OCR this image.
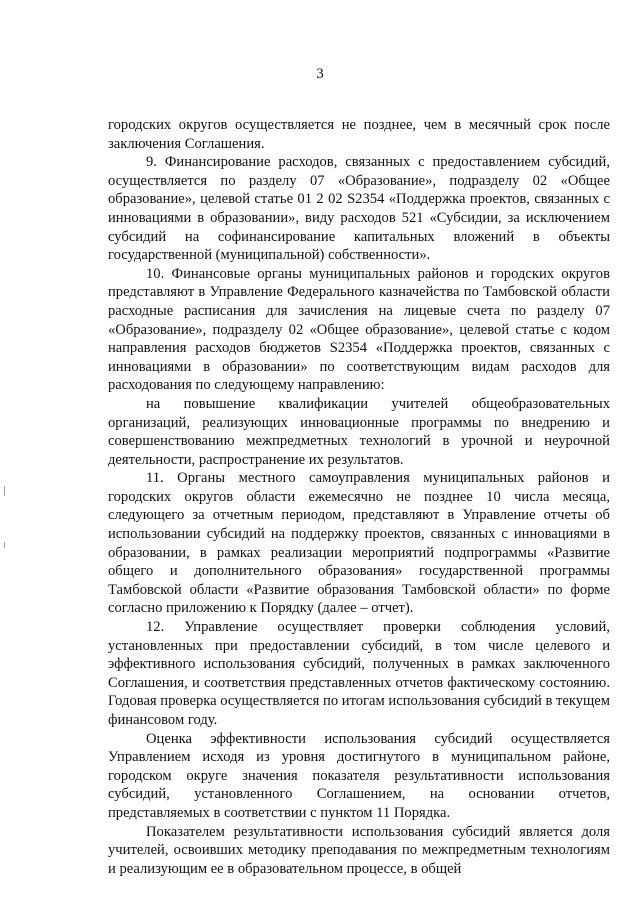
3

городских округов осуществляется не позднее, чем в месячный срок после заключения Соглашения.

9. Финансирование расходов, связанных с предоставлением субсидий, осуществляется по разделу 07 «Образование», подразделу 02 «Общее образование», целевой статье 01 2 02 S2354 «Поддержка проектов, связанных с инновациями в образовании», виду расходов 521 «Субсидии, за исключением субсидий на софинансирование капитальных вложений в объекты государственной (муниципальной) собственности».

10. Финансовые органы муниципальных районов и городских округов представляют в Управление Федерального казначейства по Тамбовской области расходные расписания для зачисления на лицевые счета по разделу 07 «Образование», подразделу 02 «Общее образование», целевой статье с кодом направления расходов бюджетов S2354 «Поддержка проектов, связанных с инновациями в образовании» по соответствующим видам расходов для расходования по следующему направлению:

на повышение квалификации учителей общеобразовательных организаций, реализующих инновационные программы по внедрению и совершенствованию межпредметных технологий в урочной и неурочной деятельности, распространение их результатов.

11. Органы местного самоуправления муниципальных районов и городских округов области ежемесячно не позднее 10 числа месяца, следующего за отчетным периодом, представляют в Управление отчеты об использовании субсидий на поддержку проектов, связанных с инновациями в образовании, в рамках реализации мероприятий подпрограммы «Развитие общего и дополнительного образования» государственной программы Тамбовской области «Развитие образования Тамбовской области» по форме согласно приложению к Порядку (далее – отчет).

12. Управление осуществляет проверки соблюдения условий, установленных при предоставлении субсидий, в том числе целевого и эффективного использования субсидий, полученных в рамках заключенного Соглашения, и соответствия представленных отчетов фактическому состоянию. Годовая проверка осуществляется по итогам использования субсидий в текущем финансовом году.

Оценка эффективности использования субсидий осуществляется Управлением исходя из уровня достигнутого в муниципальном районе, городском округе значения показателя результативности использования субсидий, установленного Соглашением, на основании отчетов, представляемых в соответствии с пунктом 11 Порядка.

Показателем результативности использования субсидий является доля учителей, освоивших методику преподавания по межпредметным технологиям и реализующим ее в образовательном процессе, в общей
